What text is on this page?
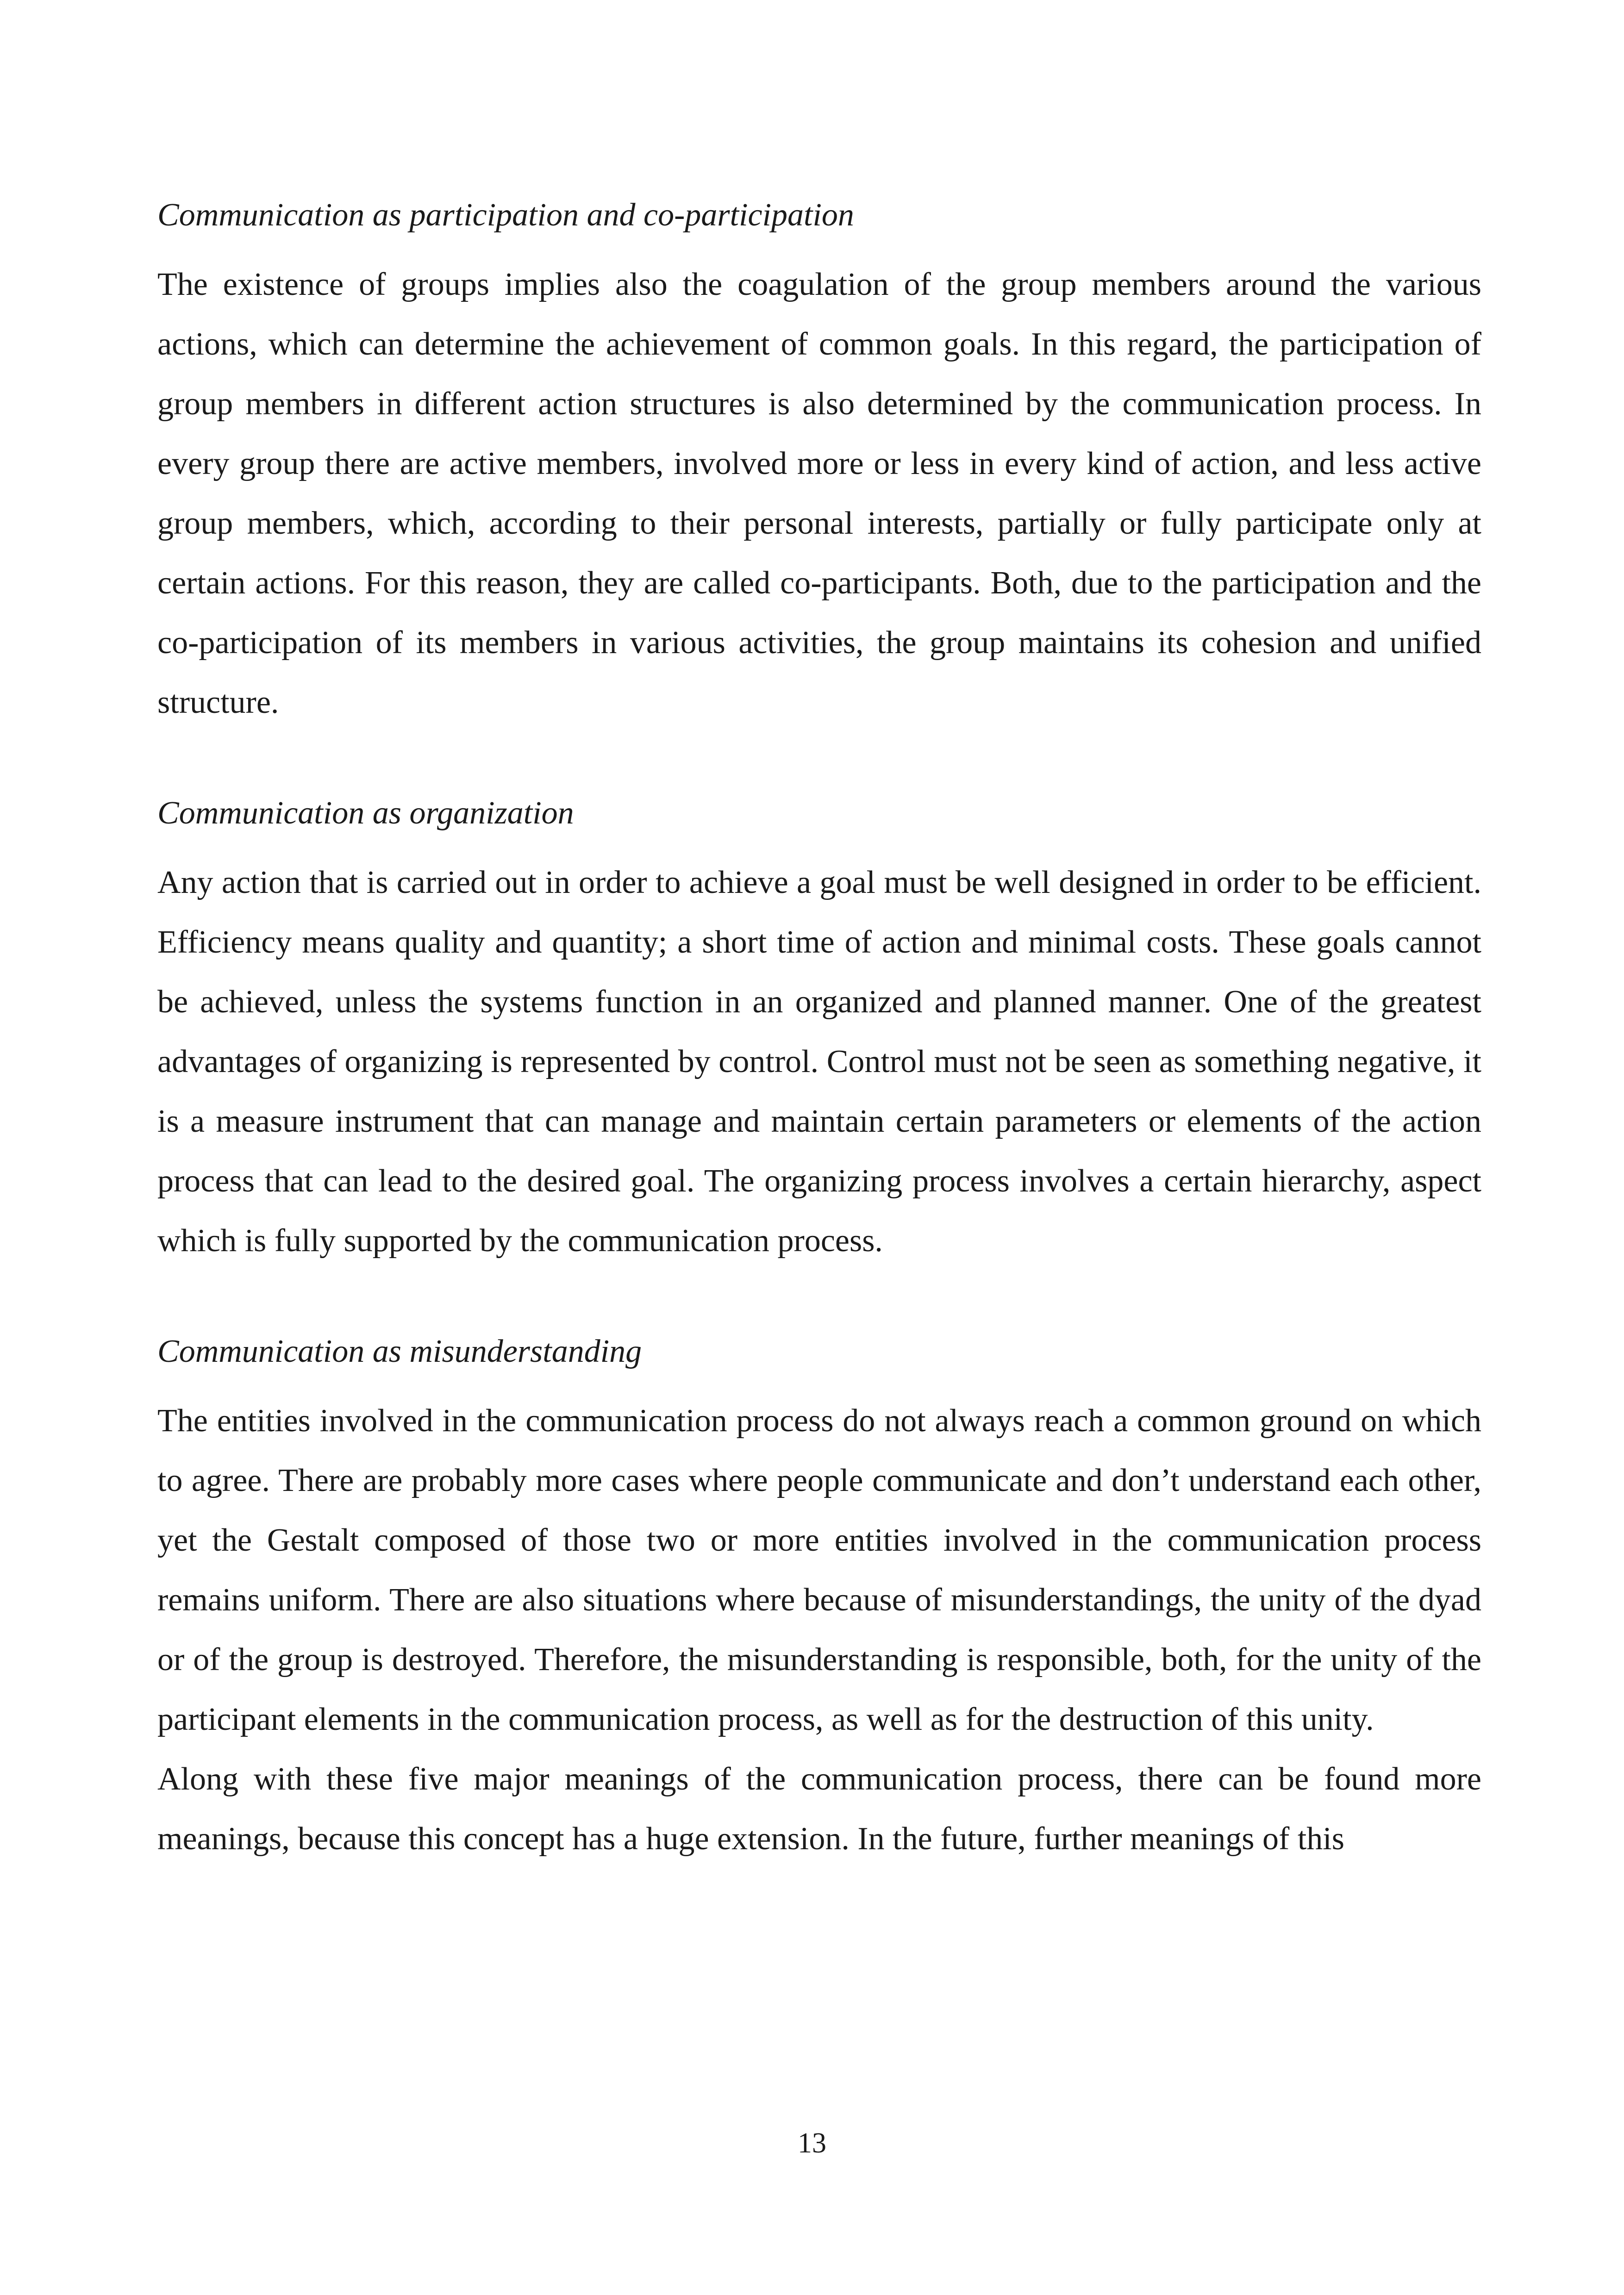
Communication as participation and co-participation

The existence of groups implies also the coagulation of the group members around the various actions, which can determine the achievement of common goals. In this regard, the participation of group members in different action structures is also determined by the communication process. In every group there are active members, involved more or less in every kind of action, and less active group members, which, according to their personal interests, partially or fully participate only at certain actions. For this reason, they are called co-participants. Both, due to the participation and the co-participation of its members in various activities, the group maintains its cohesion and unified structure.

Communication as organization

Any action that is carried out in order to achieve a goal must be well designed in order to be efficient. Efficiency means quality and quantity; a short time of action and minimal costs. These goals cannot be achieved, unless the systems function in an organized and planned manner. One of the greatest advantages of organizing is represented by control. Control must not be seen as something negative, it is a measure instrument that can manage and maintain certain parameters or elements of the action process that can lead to the desired goal. The organizing process involves a certain hierarchy, aspect which is fully supported by the communication process.

Communication as misunderstanding

The entities involved in the communication process do not always reach a common ground on which to agree. There are probably more cases where people communicate and don’t understand each other, yet the Gestalt composed of those two or more entities involved in the communication process remains uniform. There are also situations where because of misunderstandings, the unity of the dyad or of the group is destroyed. Therefore, the misunderstanding is responsible, both, for the unity of the participant elements in the communication process, as well as for the destruction of this unity.

Along with these five major meanings of the communication process, there can be found more meanings, because this concept has a huge extension. In the future, further meanings of this

13
